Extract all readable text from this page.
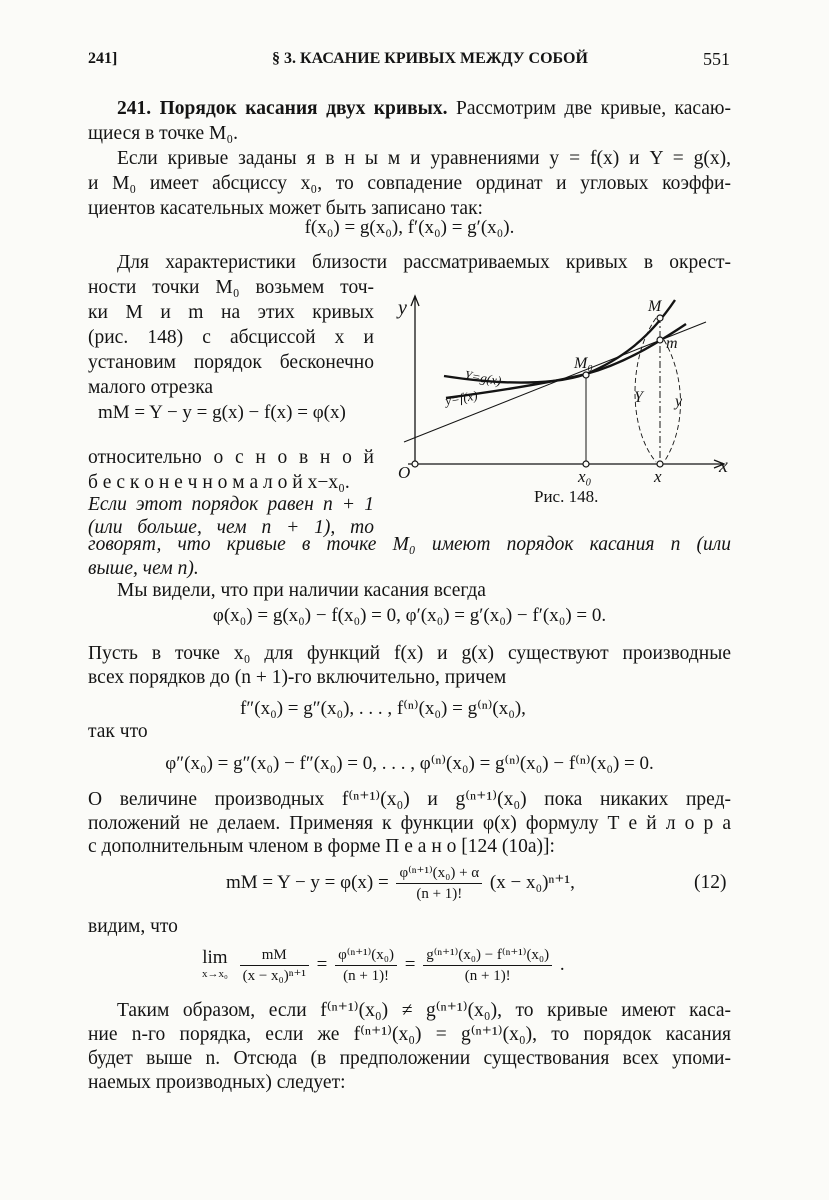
241]	§ 3. КАСАНИЕ КРИВЫХ МЕЖДУ СОБОЙ	551
241. Порядок касания двух кривых. Рассмотрим две кривые, касаю-
щиеся в точке M₀.
Если кривые заданы я в н ы м и уравнениями y = f(x) и Y = g(x),
и M₀ имеет абсциссу x₀, то совпадение ординат и угловых коэффи-
циентов касательных может быть записано так:
f(x₀) = g(x₀), f′(x₀) = g′(x₀).
Для характеристики близости рассматриваемых кривых в окрест-
ности точки M₀ возьмем точ-
ки M и m на этих кривых
(рис. 148) с абсциссой x и
установим порядок бесконечно
малого отрезка
mM = Y − y = g(x) − f(x) = φ(x)
относительно о с н о в н о й
б е с к о н е ч н о м а л о й x−x₀.
Если этот порядок равен n + 1
(или больше, чем n + 1), то
говорят, что кривые в точке M₀ имеют порядок касания n (или
выше, чем n).
y
x
O	x₀	x
M₀
M
m
Y=g(x)
y=f(x)	Y y
Рис. 148.
Мы видели, что при наличии касания всегда
φ(x₀) = g(x₀) − f(x₀) = 0, φ′(x₀) = g′(x₀) − f′(x₀) = 0.
Пусть в точке x₀ для функций f(x) и g(x) существуют производные
всех порядков до (n + 1)-го включительно, причем
f″(x₀) = g″(x₀), . . . , f⁽ⁿ⁾(x₀) = g⁽ⁿ⁾(x₀),
так что
φ″(x₀) = g″(x₀) − f″(x₀) = 0, . . . , φ⁽ⁿ⁾(x₀) = g⁽ⁿ⁾(x₀) − f⁽ⁿ⁾(x₀) = 0.
О величине производных f⁽ⁿ⁺¹⁾(x₀) и g⁽ⁿ⁺¹⁾(x₀) пока никаких пред-
положений не делаем. Применяя к функции φ(x) формулу Т е й л о р а
с дополнительным членом в форме П е а н о [124 (10a)]:
mM = $Y - y = \varphi(x) = \frac{\text{φ⁽ⁿ⁺¹⁾(x₀) + α}}{(n + 1)!} (x - x_0)^{n+1}$,	(12)
видим, что
lim
x→x₀
$\frac{mM}{\text{(x − x₀)ⁿ⁺¹}} = \frac{\text{φ⁽ⁿ⁺¹⁾(x₀)}}{(n + 1)!} = \frac{\text{g⁽ⁿ⁺¹⁾(x₀) − f⁽ⁿ⁺¹⁾(x₀)}}{(n + 1)!}$ .
Таким образом, если f⁽ⁿ⁺¹⁾(x₀) ≠ g⁽ⁿ⁺¹⁾(x₀), то кривые имеют каса-
ние n-го порядка, если же f⁽ⁿ⁺¹⁾(x₀) = g⁽ⁿ⁺¹⁾(x₀), то порядок касания
будет выше n. Отсюда (в предположении существования всех упоми-
наемых производных) следует:
